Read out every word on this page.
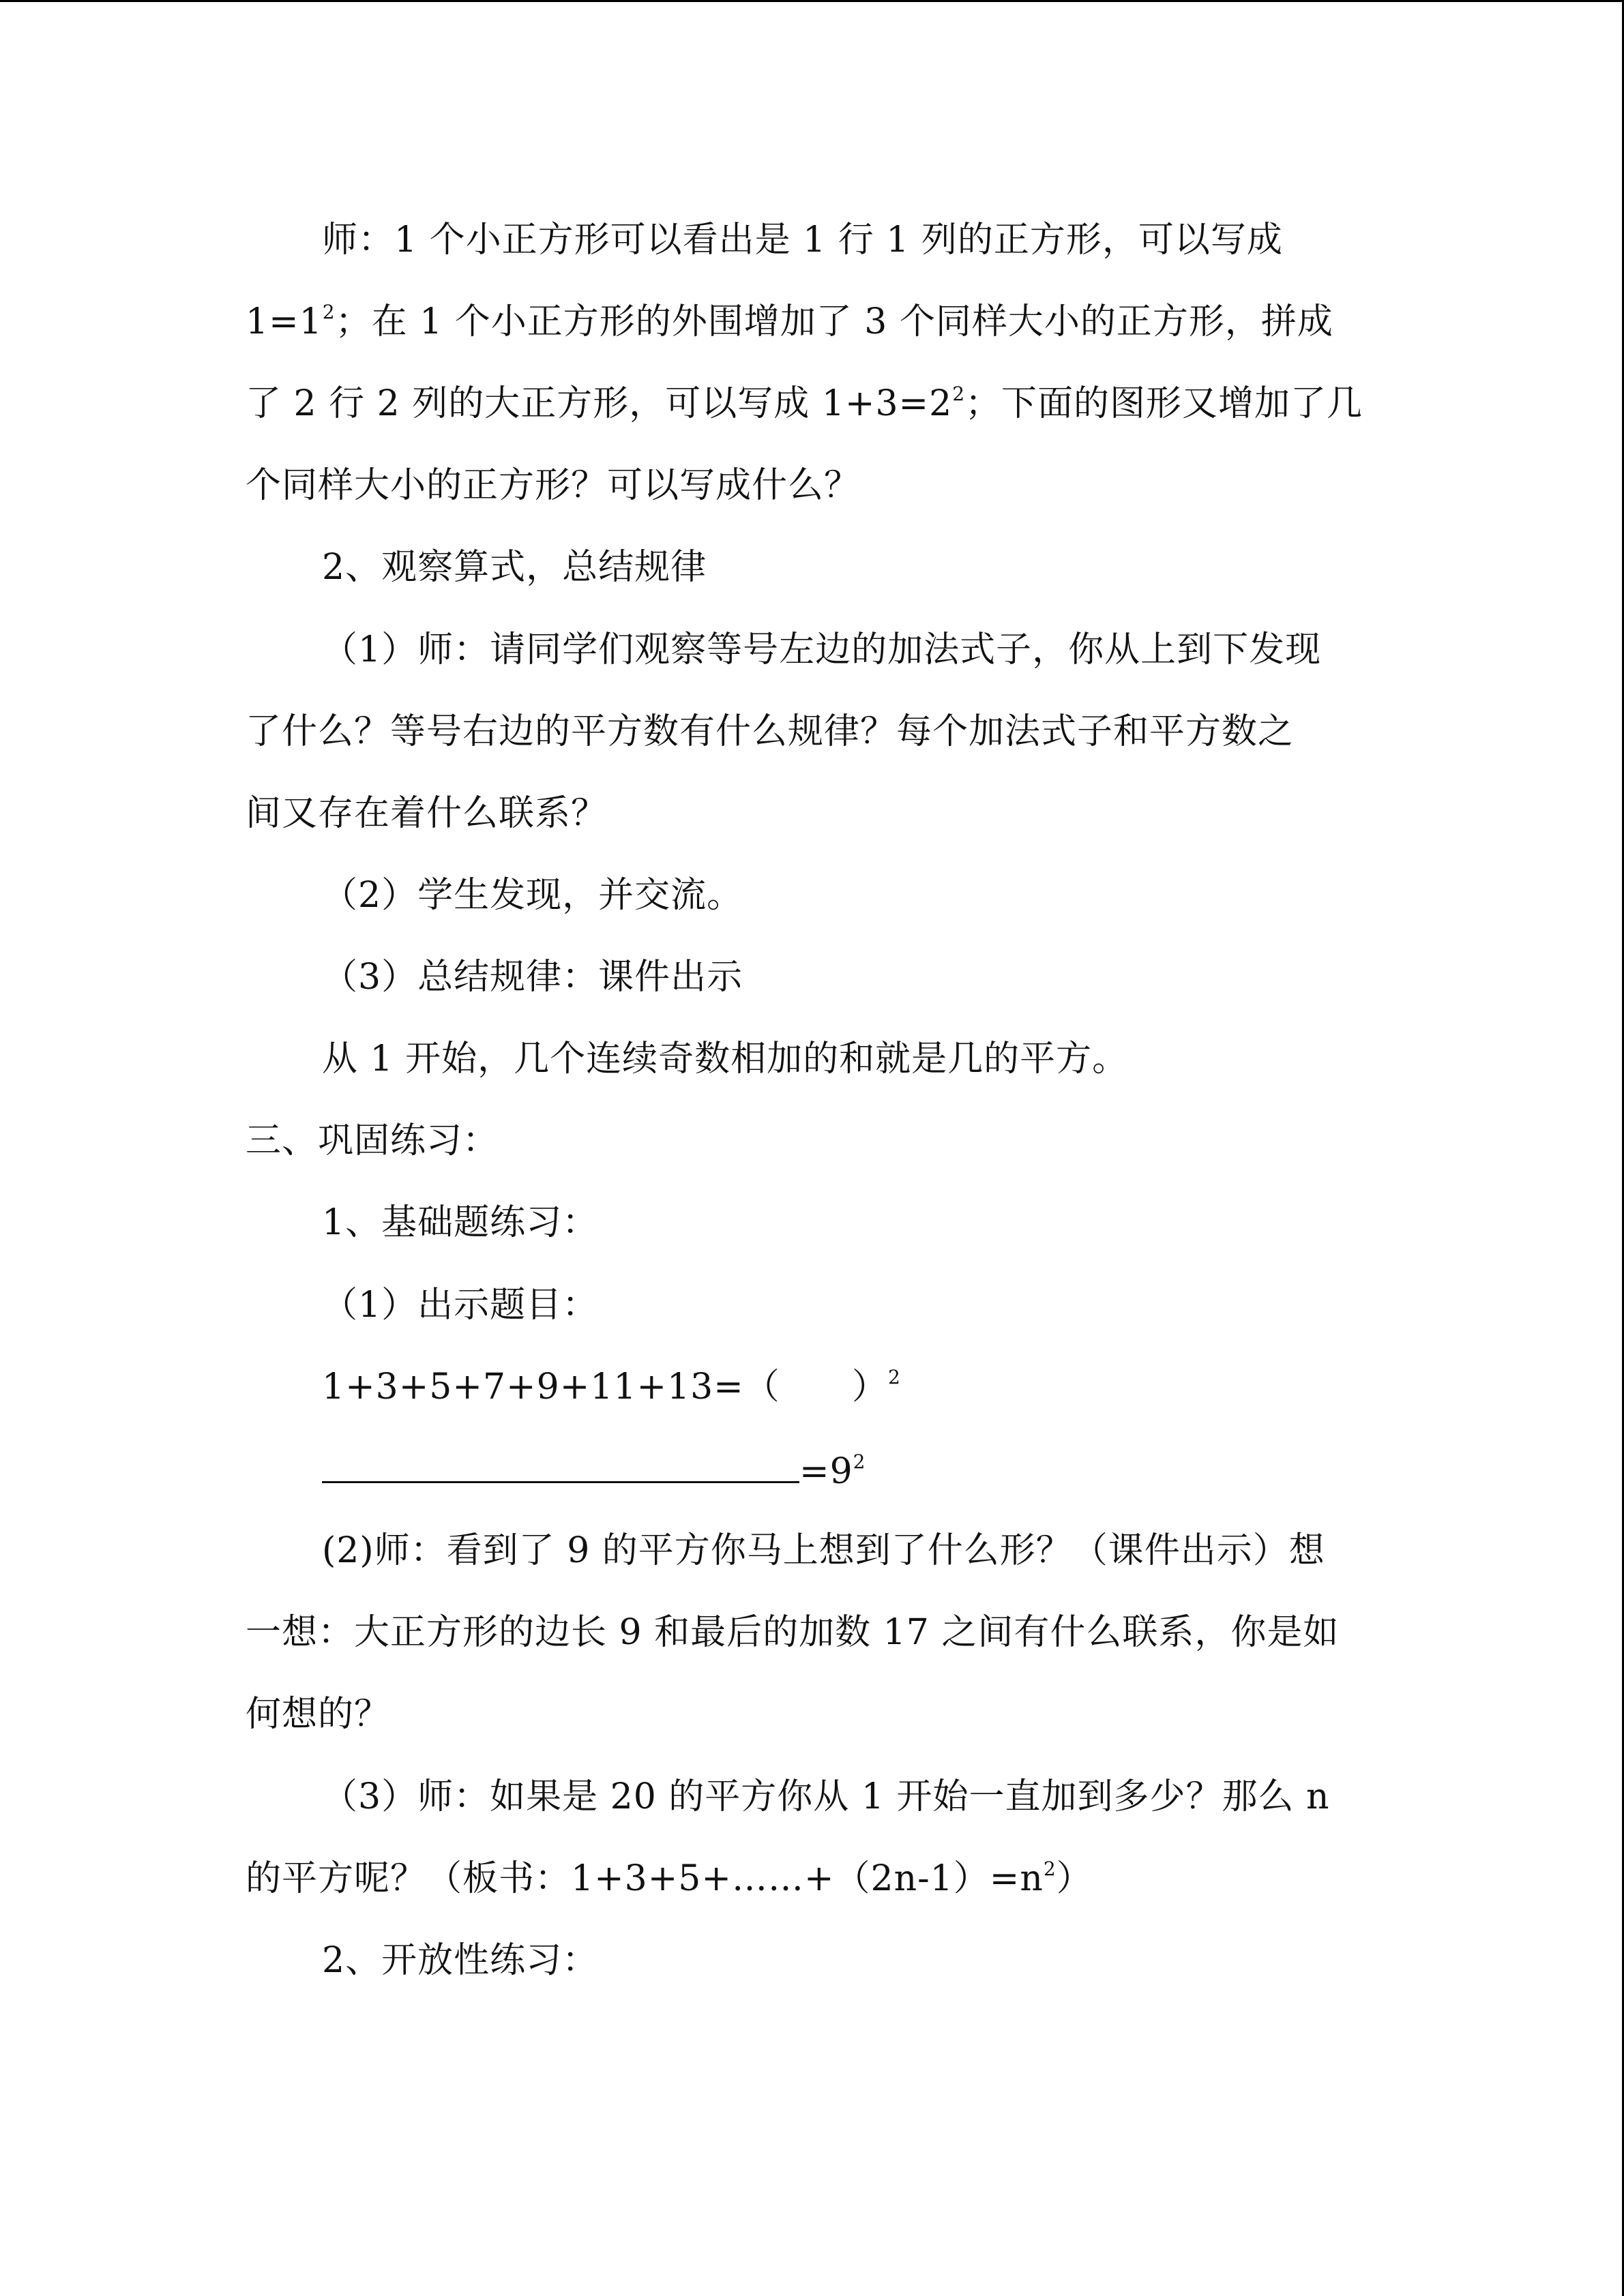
师：1 个小正方形可以看出是 1 行 1 列的正方形，可以写成
$1=1^2$；在 1 个小正方形的外围增加了 3 个同样大小的正方形，拼成
了 2 行 2 列的大正方形，可以写成 $1+3=2^2$；下面的图形又增加了几
个同样大小的正方形？可以写成什么？
2、观察算式，总结规律
（1）师：请同学们观察等号左边的加法式子，你从上到下发现
了什么？等号右边的平方数有什么规律？每个加法式子和平方数之
间又存在着什么联系？
（2）学生发现，并交流。
（3）总结规律：课件出示
从 1 开始，几个连续奇数相加的和就是几的平方。
三、巩固练习：
1、基础题练习：
（1）出示题目：
1+3+5+7+9+11+13=（      ）$^2$
$=9^2$
(2)师：看到了 9 的平方你马上想到了什么形？（课件出示）想
一想：大正方形的边长 9 和最后的加数 17 之间有什么联系，你是如
何想的？
（3）师：如果是 20 的平方你从 1 开始一直加到多少？那么 n
的平方呢？（板书：$1+3+5+\dots\dots+(2n-1)=n^2$）
2、开放性练习：
